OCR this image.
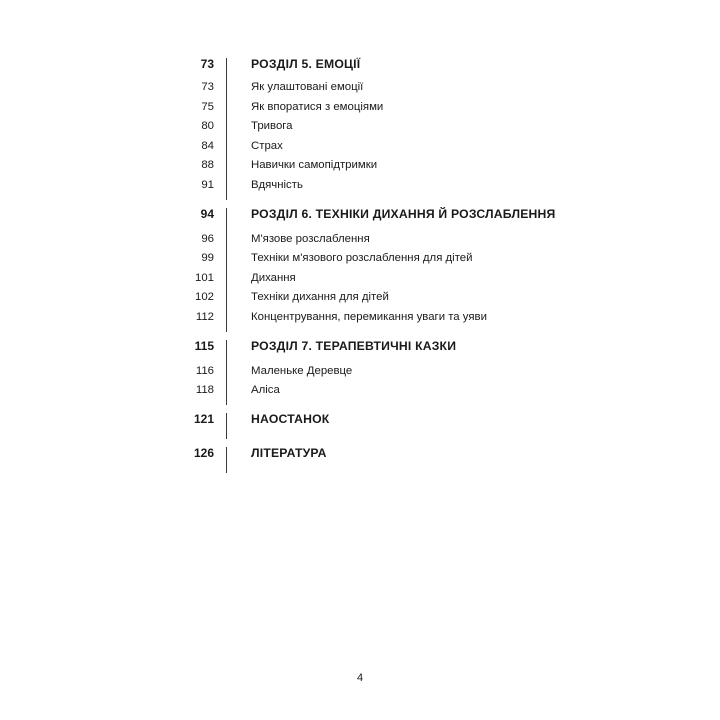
73	РОЗДІЛ 5. ЕМОЦІЇ
73	Як улаштовані емоції
75	Як впоратися з емоціями
80	Тривога
84	Страх
88	Навички самопідтримки
91	Вдячність
94	РОЗДІЛ 6. ТЕХНІКИ ДИХАННЯ Й РОЗСЛАБЛЕННЯ
96	М'язове розслаблення
99	Техніки м'язового розслаблення для дітей
101	Дихання
102	Техніки дихання для дітей
112	Концентрування, перемикання уваги та уяви
115	РОЗДІЛ 7. ТЕРАПЕВТИЧНІ КАЗКИ
116	Маленьке Деревце
118	Аліса
121	НАОСТАНОК
126	ЛІТЕРАТУРА
4
